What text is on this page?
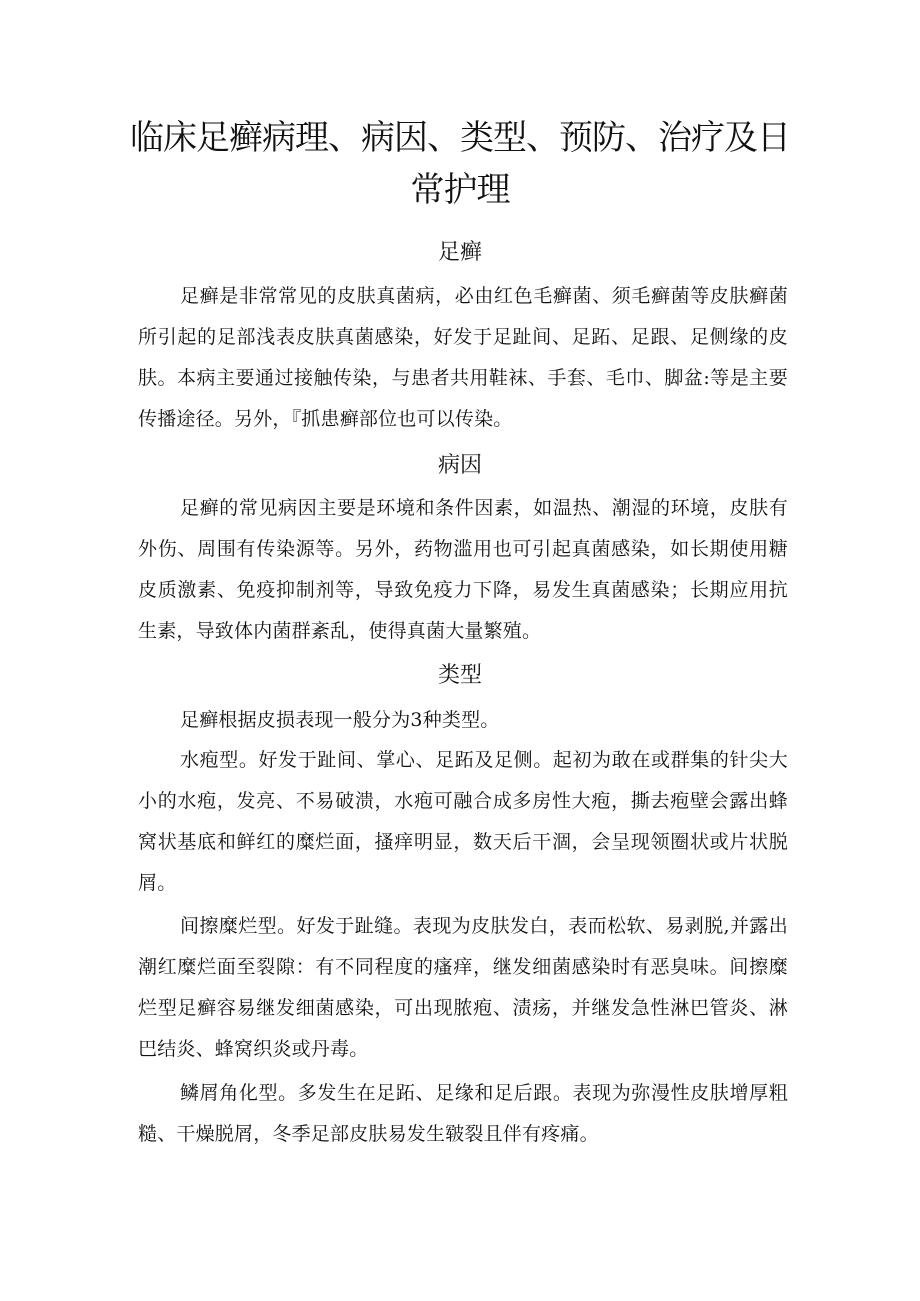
临床足癣病理、病因、类型、预防、治疗及日常护理
足癣

足癣是非常常见的皮肤真菌病，必由红色毛癣菌、须毛癣菌等皮肤癣菌所引起的足部浅表皮肤真菌感染，好发于足趾间、足跖、足跟、足侧缘的皮肤。本病主要通过接触传染，与患者共用鞋袜、手套、毛巾、脚盆:等是主要传播途径。另外，『抓患癣部位也可以传染。

病因

足癣的常见病因主要是环境和条件因素，如温热、潮湿的环境，皮肤有外伤、周围有传染源等。另外，药物滥用也可引起真菌感染，如长期使用糖皮质激素、免疫抑制剂等，导致免疫力下降，易发生真菌感染；长期应用抗生素，导致体内菌群紊乱，使得真菌大量繁殖。

类型

足癣根据皮损表现一般分为3种类型。

水疱型。好发于趾间、掌心、足跖及足侧。起初为敢在或群集的针尖大小的水疱，发亮、不易破溃，水疱可融合成多房性大疱，撕去疱壁会露出蜂窝状基底和鲜红的糜烂面，搔痒明显，数天后干涸，会呈现领圈状或片状脱屑。

间擦糜烂型。好发于趾缝。表现为皮肤发白，表而松软、易剥脱,并露出潮红糜烂面至裂隙：有不同程度的瘙痒，继发细菌感染时有恶臭味。间擦糜烂型足癣容易继发细菌感染，可出现脓疱、渍疡，并继发急性淋巴管炎、淋巴结炎、蜂窝织炎或丹毒。

鳞屑角化型。多发生在足跖、足缘和足后跟。表现为弥漫性皮肤增厚粗糙、干燥脱屑，冬季足部皮肤易发生皲裂且伴有疼痛。
